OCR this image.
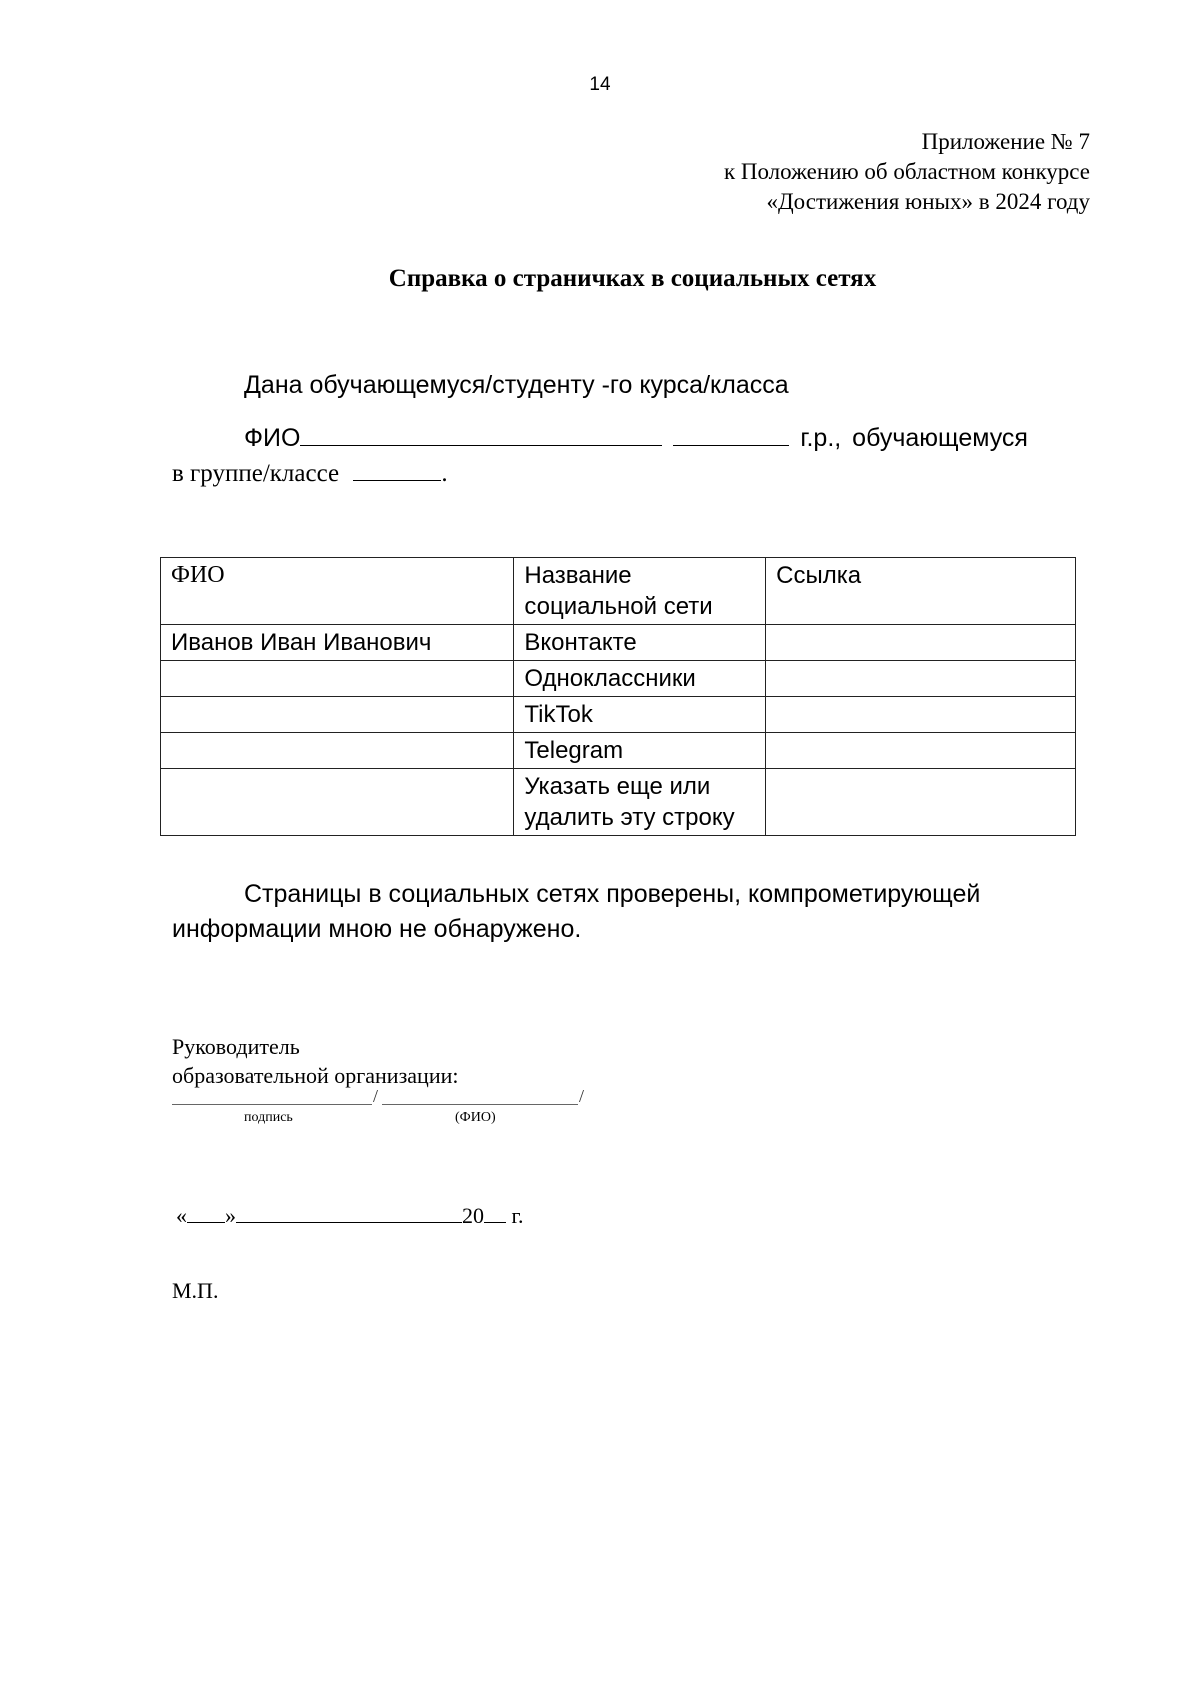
14
Приложение № 7
к Положению об областном конкурсе
«Достижения юных» в 2024 году
Справка о страничках в социальных сетях
Дана обучающемуся/студенту -го курса/класса
ФИО	г.р., обучающемуся
в группе/классе	.
ФИО	Название социальной сети	Ссылка
Иванов Иван Иванович	Вконтакте	
	Одноклассники	
	TikTok	
	Telegram	
	Указать еще или удалить эту строку	
Страницы в социальных сетях проверены, компрометирующей
информации мною не обнаружено.
Руководитель
образовательной организации:
/	/
подпись	(ФИО)
« »	20 г.
М.П.
